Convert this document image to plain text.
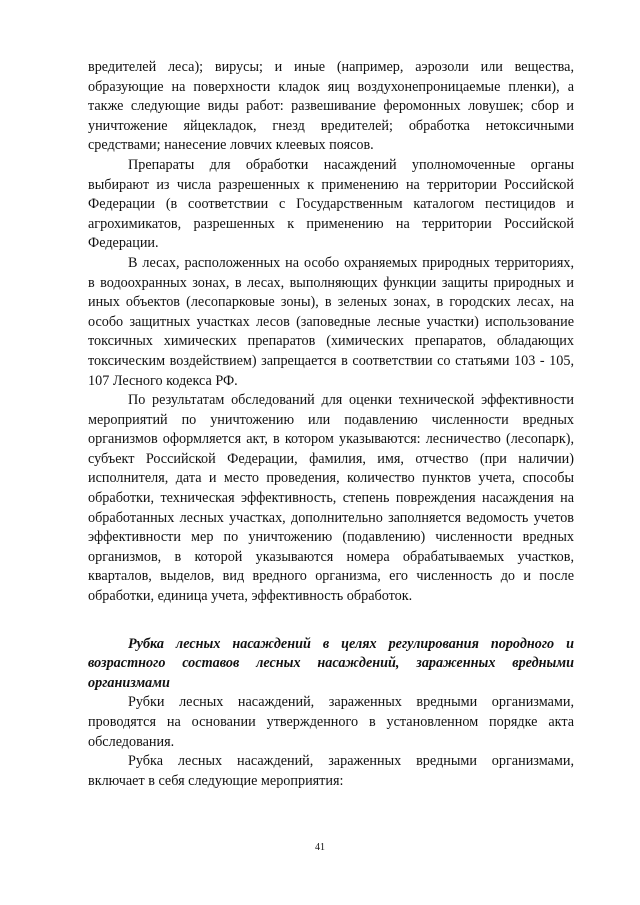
вредителей леса); вирусы; и иные (например, аэрозоли или вещества, образующие на поверхности кладок яиц воздухонепроницаемые пленки), а также следующие виды работ: развешивание феромонных ловушек; сбор и уничтожение яйцекладок, гнезд вредителей; обработка нетоксичными средствами; нанесение ловчих клеевых поясов.

Препараты для обработки насаждений уполномоченные органы выбирают из числа разрешенных к применению на территории Российской Федерации (в соответствии с Государственным каталогом пестицидов и агрохимикатов, разрешенных к применению на территории Российской Федерации.

В лесах, расположенных на особо охраняемых природных территориях, в водоохранных зонах, в лесах, выполняющих функции защиты природных и иных объектов (лесопарковые зоны), в зеленых зонах, в городских лесах, на особо защитных участках лесов (заповедные лесные участки) использование токсичных химических препаратов (химических препаратов, обладающих токсическим воздействием) запрещается в соответствии со статьями 103 - 105, 107 Лесного кодекса РФ.

По результатам обследований для оценки технической эффективности мероприятий по уничтожению или подавлению численности вредных организмов оформляется акт, в котором указываются: лесничество (лесопарк), субъект Российской Федерации, фамилия, имя, отчество (при наличии) исполнителя, дата и место проведения, количество пунктов учета, способы обработки, техническая эффективность, степень повреждения насаждения на обработанных лесных участках, дополнительно заполняется ведомость учетов эффективности мер по уничтожению (подавлению) численности вредных организмов, в которой указываются номера обрабатываемых участков, кварталов, выделов, вид вредного организма, его численность до и после обработки, единица учета, эффективность обработок.

Рубка лесных насаждений в целях регулирования породного и возрастного составов лесных насаждений, зараженных вредными организмами

Рубки лесных насаждений, зараженных вредными организмами, проводятся на основании утвержденного в установленном порядке акта обследования.

Рубка лесных насаждений, зараженных вредными организмами, включает в себя следующие мероприятия:

41
